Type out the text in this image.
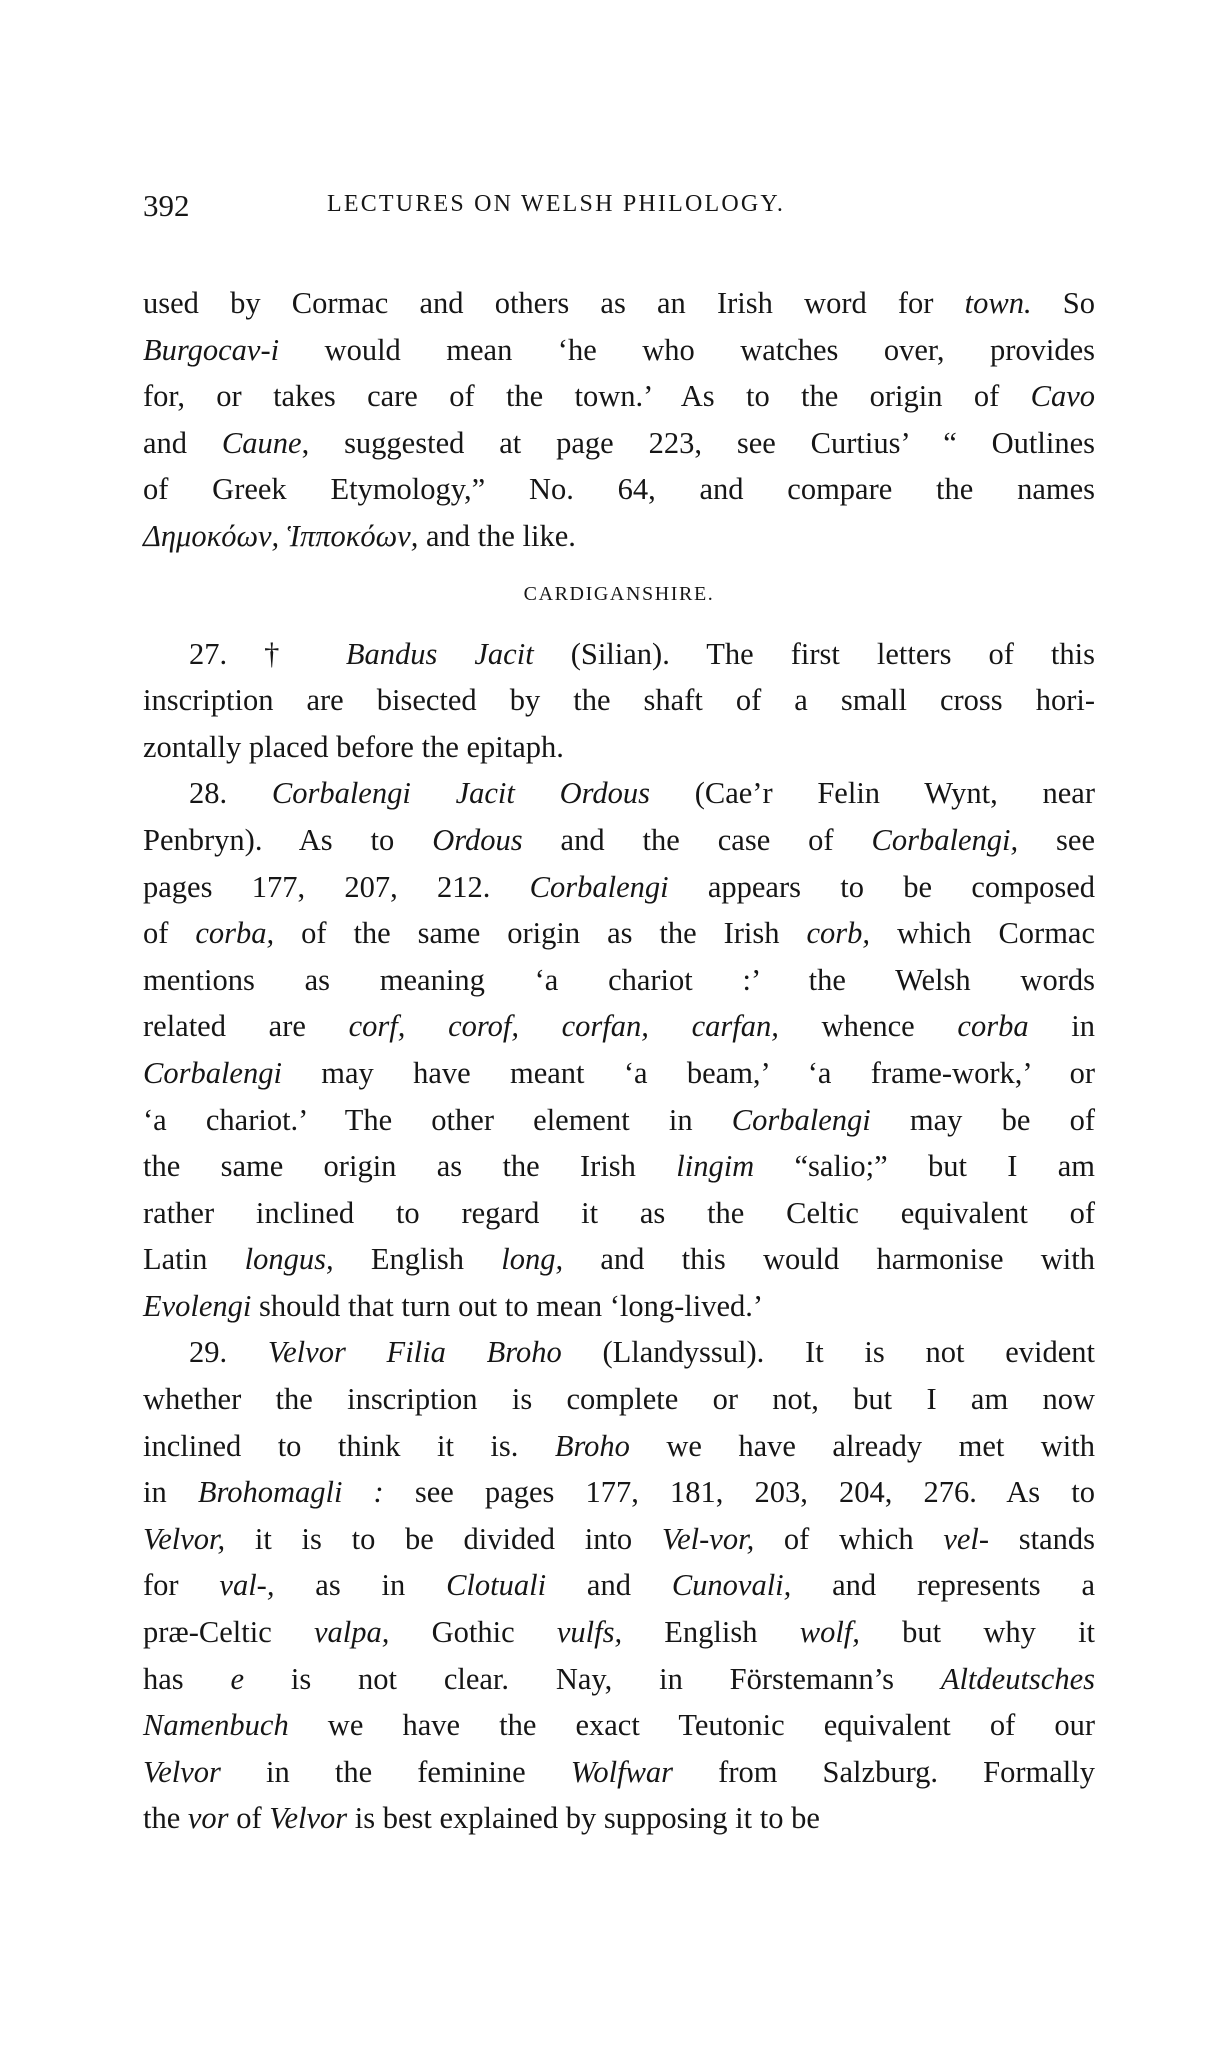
392	LECTURES ON WELSH PHILOLOGY.
used by Cormac and others as an Irish word for town. So
Burgocav-i would mean ‘he who watches over, provides
for, or takes care of the town.’ As to the origin of Cavo
and Caune, suggested at page 223, see Curtius’ “ Outlines
of Greek Etymology,” No. 64, and compare the names
Δημοκόων, Ἱπποκόων, and the like.
CARDIGANSHIRE.
27. † Bandus Jacit (Silian). The first letters of this
inscription are bisected by the shaft of a small cross hori-
zontally placed before the epitaph.
28. Corbalengi Jacit Ordous (Cae’r Felin Wynt, near
Penbryn). As to Ordous and the case of Corbalengi, see
pages 177, 207, 212. Corbalengi appears to be composed
of corba, of the same origin as the Irish corb, which Cormac
mentions as meaning ‘a chariot :’ the Welsh words
related are corf, corof, corfan, carfan, whence corba in
Corbalengi may have meant ‘a beam,’ ‘a frame-work,’ or
‘a chariot.’ The other element in Corbalengi may be of
the same origin as the Irish lingim “salio;” but I am
rather inclined to regard it as the Celtic equivalent of
Latin longus, English long, and this would harmonise with
Evolengi should that turn out to mean ‘long-lived.’
29. Velvor Filia Broho (Llandyssul). It is not evident
whether the inscription is complete or not, but I am now
inclined to think it is. Broho we have already met with
in Brohomagli : see pages 177, 181, 203, 204, 276. As to
Velvor, it is to be divided into Vel-vor, of which vel- stands
for val-, as in Clotuali and Cunovali, and represents a
præ-Celtic valpa, Gothic vulfs, English wolf, but why it
has e is not clear. Nay, in Förstemann’s Altdeutsches
Namenbuch we have the exact Teutonic equivalent of our
Velvor in the feminine Wolfwar from Salzburg. Formally
the vor of Velvor is best explained by supposing it to be
